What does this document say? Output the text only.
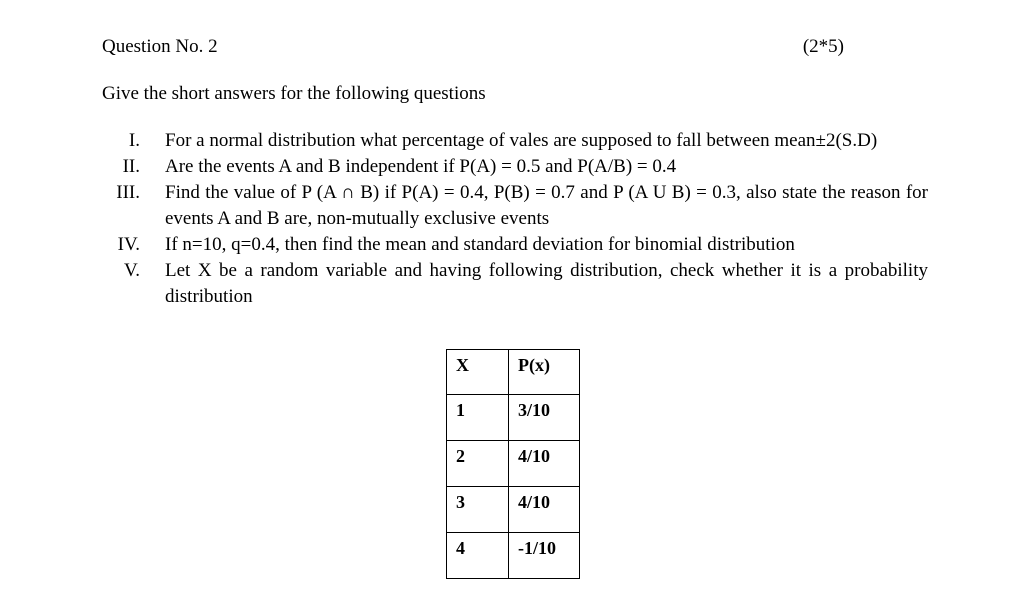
Question No. 2	(2*5)
Give the short answers for the following questions
I. For a normal distribution what percentage of vales are supposed to fall between mean±2(S.D)
II. Are the events A and B independent if P(A) = 0.5 and P(A/B) = 0.4
III. Find the value of P (A ∩ B) if P(A) = 0.4, P(B) = 0.7 and P (A U B) = 0.3, also state the reason for events A and B are, non-mutually exclusive events
IV. If n=10, q=0.4, then find the mean and standard deviation for binomial distribution
V. Let X be a random variable and having following distribution, check whether it is a probability distribution
X	P(x)
1	3/10
2	4/10
3	4/10
4	-1/10
